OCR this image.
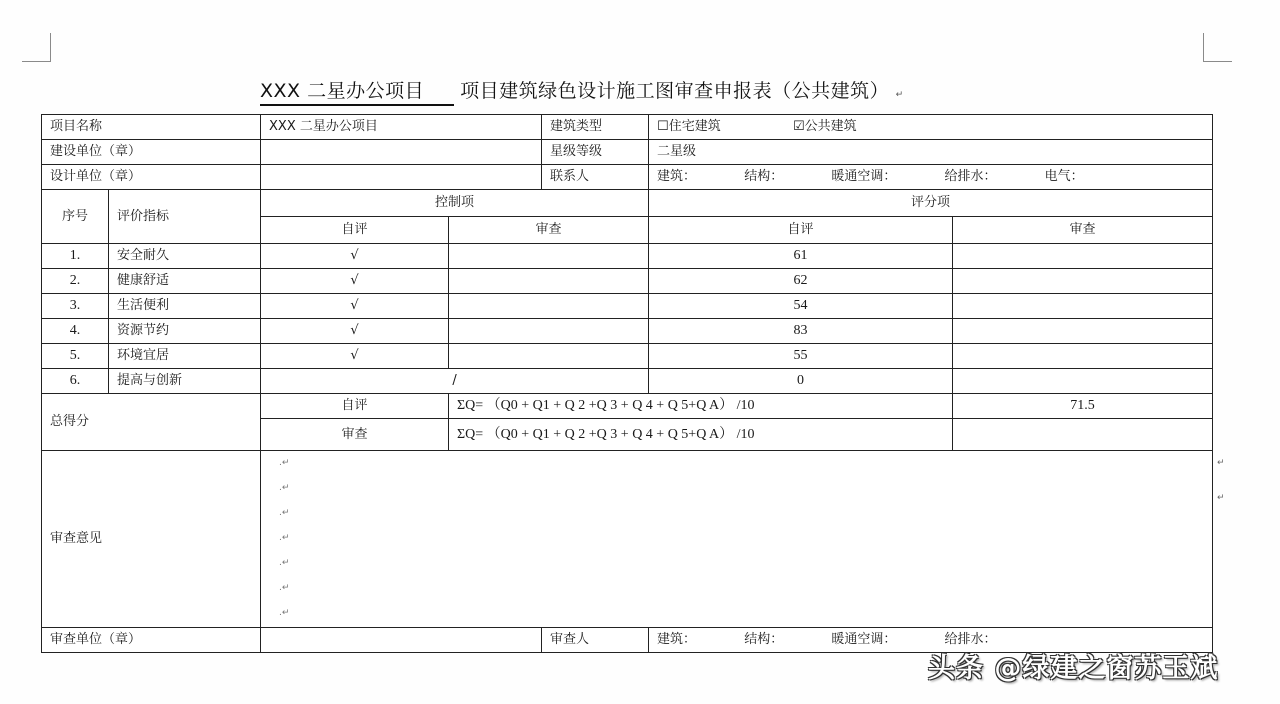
XXX 二星办公项目 项目建筑绿色设计施工图审查申报表（公共建筑） ↵
项目名称		XXX 二星办公项目		建筑类型	☐住宅建筑 ☑公共建筑	
建设单位（章）				星级等级	二星级	
设计单位（章）				联系人	建筑： 结构： 暖通空调： 给排水： 电气：	
序号	评价指标	控制项			评分项	
		自评	审查		自评	审查
1.	安全耐久	√			61	
2.	健康舒适	√			62	
3.	生活便利	√			54	
4.	资源节约	√			83	
5.	环境宜居	√			55	
6.	提高与创新	/			0	
总得分		自评	ΣQ= （Q0 + Q1 + Q 2 +Q 3 + Q 4 + Q 5+Q A） /10			71.5
		审查	ΣQ= （Q0 + Q1 + Q 2 +Q 3 + Q 4 + Q 5+Q A） /10			
审查意见	
.↵
.↵
.↵
.↵
.↵
.↵
.↵

审查单位（章）				审查人	建筑： 结构： 暖通空调： 给排水：	
↵
↵
头条 @绿建之窗苏玉斌
